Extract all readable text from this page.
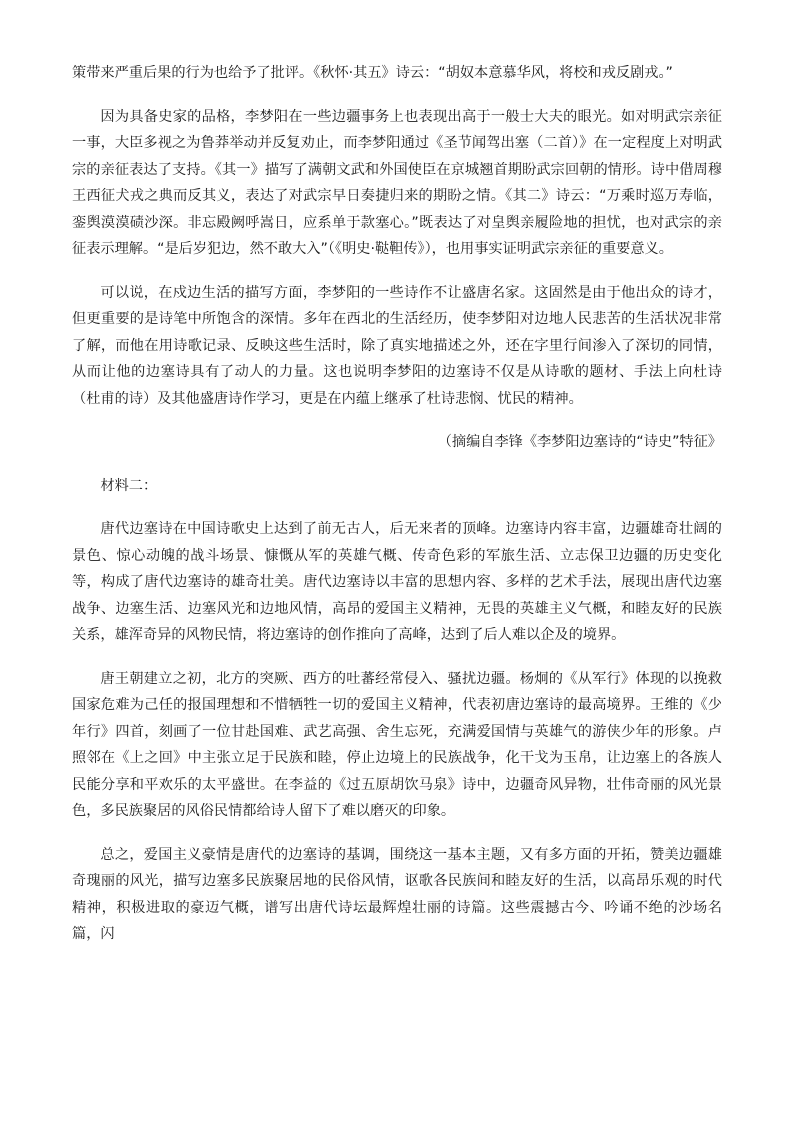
策带来严重后果的行为也给予了批评。《秋怀·其五》诗云：“胡奴本意慕华风，将校和戎反剧戎。”

因为具备史家的品格，李梦阳在一些边疆事务上也表现出高于一般士大夫的眼光。如对明武宗亲征一事，大臣多视之为鲁莽举动并反复劝止，而李梦阳通过《圣节闻驾出塞（二首）》在一定程度上对明武宗的亲征表达了支持。《其一》描写了满朝文武和外国使臣在京城翘首期盼武宗回朝的情形。诗中借周穆王西征犬戎之典而反其义，表达了对武宗早日奏捷归来的期盼之情。《其二》诗云：“万乘时巡万寿临，銮舆漠漠碛沙深。非忘殿阙呼嵩日，应系单于款塞心。”既表达了对皇舆亲履险地的担忧，也对武宗的亲征表示理解。“是后岁犯边，然不敢大入”（《明史·鞑靼传》），也用事实证明武宗亲征的重要意义。

可以说，在戍边生活的描写方面，李梦阳的一些诗作不让盛唐名家。这固然是由于他出众的诗才，但更重要的是诗笔中所饱含的深情。多年在西北的生活经历，使李梦阳对边地人民悲苦的生活状况非常了解，而他在用诗歌记录、反映这些生活时，除了真实地描述之外，还在字里行间渗入了深切的同情，从而让他的边塞诗具有了动人的力量。这也说明李梦阳的边塞诗不仅是从诗歌的题材、手法上向杜诗（杜甫的诗）及其他盛唐诗作学习，更是在内蕴上继承了杜诗悲悯、忧民的精神。

（摘编自李锋《李梦阳边塞诗的“诗史”特征》

材料二：

唐代边塞诗在中国诗歌史上达到了前无古人，后无来者的顶峰。边塞诗内容丰富，边疆雄奇壮阔的景色、惊心动魄的战斗场景、慷慨从军的英雄气概、传奇色彩的军旅生活、立志保卫边疆的历史变化等，构成了唐代边塞诗的雄奇壮美。唐代边塞诗以丰富的思想内容、多样的艺术手法，展现出唐代边塞战争、边塞生活、边塞风光和边地风情，高昂的爱国主义精神，无畏的英雄主义气概，和睦友好的民族关系，雄浑奇异的风物民情，将边塞诗的创作推向了高峰，达到了后人难以企及的境界。

唐王朝建立之初，北方的突厥、西方的吐蕃经常侵入、骚扰边疆。杨炯的《从军行》体现的以挽救国家危难为己任的报国理想和不惜牺牲一切的爱国主义精神，代表初唐边塞诗的最高境界。王维的《少年行》四首，刻画了一位甘赴国难、武艺高强、舍生忘死，充满爱国情与英雄气的游侠少年的形象。卢照邻在《上之回》中主张立足于民族和睦，停止边境上的民族战争，化干戈为玉帛，让边塞上的各族人民能分享和平欢乐的太平盛世。在李益的《过五原胡饮马泉》诗中，边疆奇风异物，壮伟奇丽的风光景色，多民族聚居的风俗民情都给诗人留下了难以磨灭的印象。

总之，爱国主义豪情是唐代的边塞诗的基调，围绕这一基本主题，又有多方面的开拓，赞美边疆雄奇瑰丽的风光，描写边塞多民族聚居地的民俗风情，讴歌各民族间和睦友好的生活，以高昂乐观的时代精神，积极进取的豪迈气概，谱写出唐代诗坛最辉煌壮丽的诗篇。这些震撼古今、吟诵不绝的沙场名篇，闪
